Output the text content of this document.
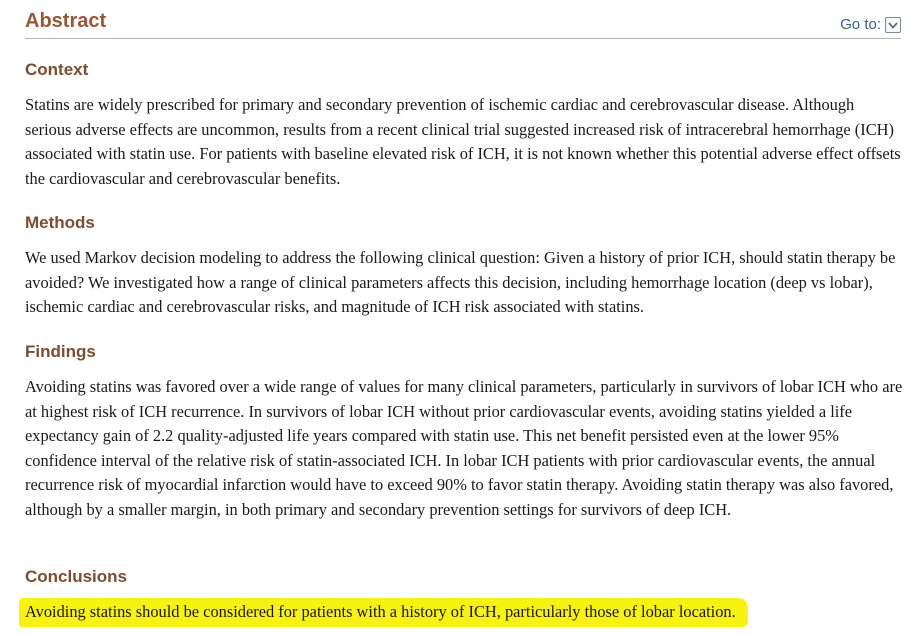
Abstract	Go to:
Context

Statins are widely prescribed for primary and secondary prevention of ischemic cardiac and cerebrovascular disease. Although serious adverse effects are uncommon, results from a recent clinical trial suggested increased risk of intracerebral hemorrhage (ICH) associated with statin use. For patients with baseline elevated risk of ICH, it is not known whether this potential adverse effect offsets the cardiovascular and cerebrovascular benefits.

Methods

We used Markov decision modeling to address the following clinical question: Given a history of prior ICH, should statin therapy be avoided? We investigated how a range of clinical parameters affects this decision, including hemorrhage location (deep vs lobar), ischemic cardiac and cerebrovascular risks, and magnitude of ICH risk associated with statins.

Findings

Avoiding statins was favored over a wide range of values for many clinical parameters, particularly in survivors of lobar ICH who are at highest risk of ICH recurrence. In survivors of lobar ICH without prior cardiovascular events, avoiding statins yielded a life expectancy gain of 2.2 quality-adjusted life years compared with statin use. This net benefit persisted even at the lower 95% confidence interval of the relative risk of statin-associated ICH. In lobar ICH patients with prior cardiovascular events, the annual recurrence risk of myocardial infarction would have to exceed 90% to favor statin therapy. Avoiding statin therapy was also favored, although by a smaller margin, in both primary and secondary prevention settings for survivors of deep ICH.

Conclusions

Avoiding statins should be considered for patients with a history of ICH, particularly those of lobar location.
